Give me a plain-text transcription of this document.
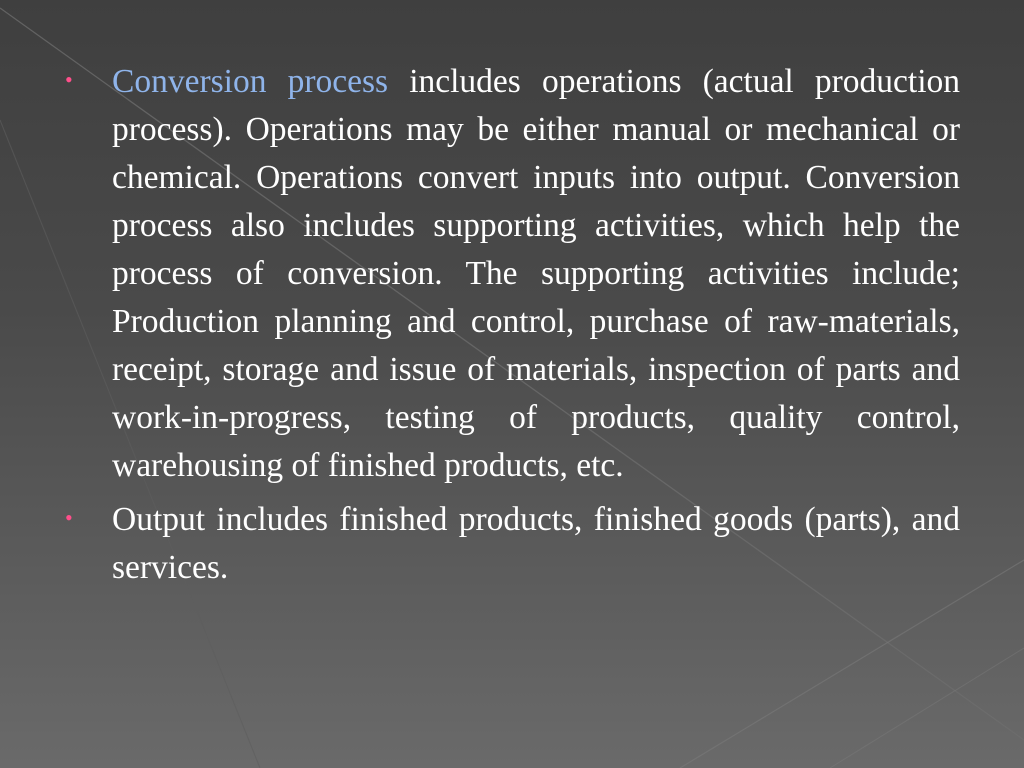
• Conversion process includes operations (actual production process). Operations may be either manual or mechanical or chemical. Operations convert inputs into output. Conversion process also includes supporting activities, which help the process of conversion. The supporting activities include; Production planning and control, purchase of raw-materials, receipt, storage and issue of materials, inspection of parts and work-in-progress, testing of products, quality control, warehousing of finished products, etc.
• Output includes finished products, finished goods (parts), and services.
